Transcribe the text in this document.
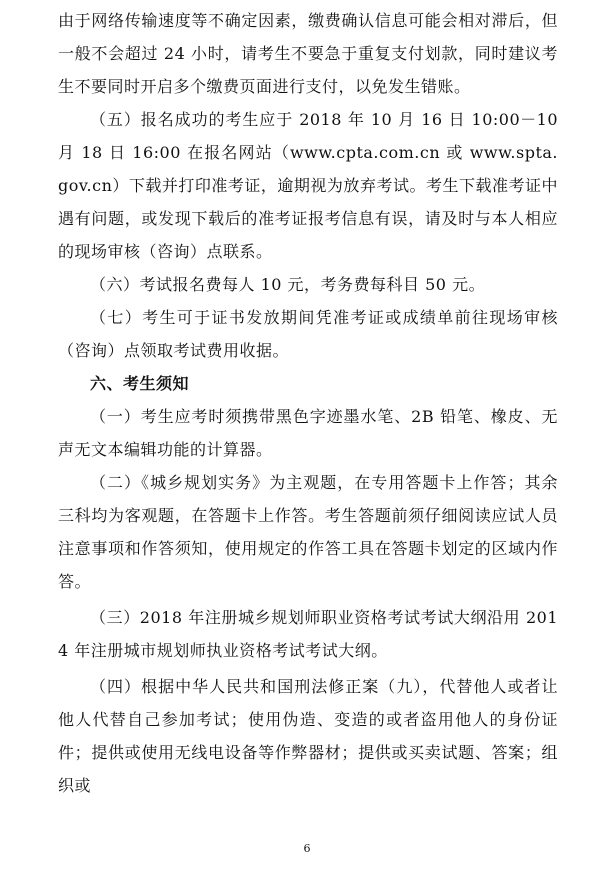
由于网络传输速度等不确定因素，缴费确认信息可能会相对滞后，但一般不会超过 24 小时，请考生不要急于重复支付划款，同时建议考生不要同时开启多个缴费页面进行支付，以免发生错账。

（五）报名成功的考生应于 2018 年 10 月 16 日 10:00－10 月 18 日 16:00 在报名网站（www.cpta.com.cn 或 www.spta.gov.cn）下载并打印准考证，逾期视为放弃考试。考生下载准考证中遇有问题，或发现下载后的准考证报考信息有误，请及时与本人相应的现场审核（咨询）点联系。

（六）考试报名费每人 10 元，考务费每科目 50 元。

（七）考生可于证书发放期间凭准考证或成绩单前往现场审核（咨询）点领取考试费用收据。

六、考生须知

（一）考生应考时须携带黑色字迹墨水笔、2B 铅笔、橡皮、无声无文本编辑功能的计算器。

（二）《城乡规划实务》为主观题，在专用答题卡上作答；其余三科均为客观题，在答题卡上作答。考生答题前须仔细阅读应试人员注意事项和作答须知，使用规定的作答工具在答题卡划定的区域内作答。

（三）2018 年注册城乡规划师职业资格考试考试大纲沿用 2014 年注册城市规划师执业资格考试考试大纲。

（四）根据中华人民共和国刑法修正案（九），代替他人或者让他人代替自己参加考试；使用伪造、变造的或者盗用他人的身份证件；提供或使用无线电设备等作弊器材；提供或买卖试题、答案；组织或

6
